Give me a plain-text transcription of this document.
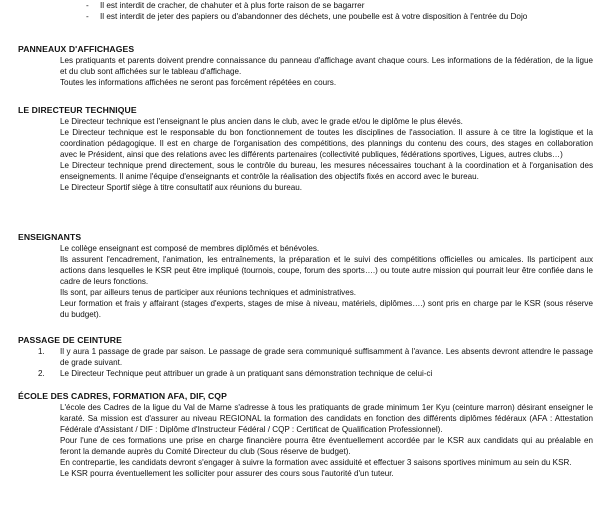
- Il est interdit de cracher, de chahuter et à plus forte raison de se bagarrer
- Il est interdit de jeter des papiers ou d'abandonner des déchets, une poubelle est à votre disposition à l'entrée du Dojo
PANNEAUX D'AFFICHAGES

Les pratiquants et parents doivent prendre connaissance du panneau d'affichage avant chaque cours. Les informations de la fédération, de la ligue et du club sont affichées sur le tableau d'affichage.

Toutes les informations affichées ne seront pas forcément répétées en cours.

LE DIRECTEUR TECHNIQUE

Le Directeur technique est l'enseignant le plus ancien dans le club, avec le grade et/ou le diplôme le plus élevés.

Le Directeur technique est le responsable du bon fonctionnement de toutes les disciplines de l'association. Il assure à ce titre la logistique et la coordination pédagogique. Il est en charge de l'organisation des compétitions, des plannings du contenu des cours, des stages en collaboration avec le Président, ainsi que des relations avec les différents partenaires (collectivité publiques, fédérations sportives, Ligues, autres clubs…)

Le Directeur technique prend directement, sous le contrôle du bureau, les mesures nécessaires touchant à la coordination et à l'organisation des enseignements. Il anime l'équipe d'enseignants et contrôle la réalisation des objectifs fixés en accord avec le bureau.

Le Directeur Sportif siège à titre consultatif aux réunions du bureau.

ENSEIGNANTS

Le collège enseignant est composé de membres diplômés et bénévoles.

Ils assurent l'encadrement, l'animation, les entraînements, la préparation et le suivi des compétitions officielles ou amicales. Ils participent aux actions dans lesquelles le KSR peut être impliqué (tournois, coupe, forum des sports….) ou toute autre mission qui pourrait leur être confiée dans le cadre de leurs fonctions.

Ils sont, par ailleurs tenus de participer aux réunions techniques et administratives.

Leur formation et frais y affairant (stages d'experts, stages de mise à niveau, matériels, diplômes….) sont pris en charge par le KSR (sous réserve du budget).

PASSAGE DE CEINTURE
1. Il y aura 1 passage de grade par saison. Le passage de grade sera communiqué suffisamment à l'avance. Les absents devront attendre le passage de grade suivant.
2. Le Directeur Technique peut attribuer un grade à un pratiquant sans démonstration technique de celui-ci
ÉCOLE DES CADRES, FORMATION AFA, DIF, CQP

L'école des Cadres de la ligue du Val de Marne s'adresse à tous les pratiquants de grade minimum 1er Kyu (ceinture marron) désirant enseigner le karaté. Sa mission est d'assurer au niveau REGIONAL la formation des candidats en fonction des différents diplômes fédéraux (AFA : Attestation Fédérale d'Assistant / DIF : Diplôme d'Instructeur Fédéral / CQP : Certificat de Qualification Professionnel).

Pour l'une de ces formations une prise en charge financière pourra être éventuellement accordée par le KSR aux candidats qui au préalable en feront la demande auprès du Comité Directeur du club (Sous réserve de budget).

En contrepartie, les candidats devront s'engager à suivre la formation avec assiduité et effectuer 3 saisons sportives minimum au sein du KSR.

Le KSR pourra éventuellement les solliciter pour assurer des cours sous l'autorité d'un tuteur.
